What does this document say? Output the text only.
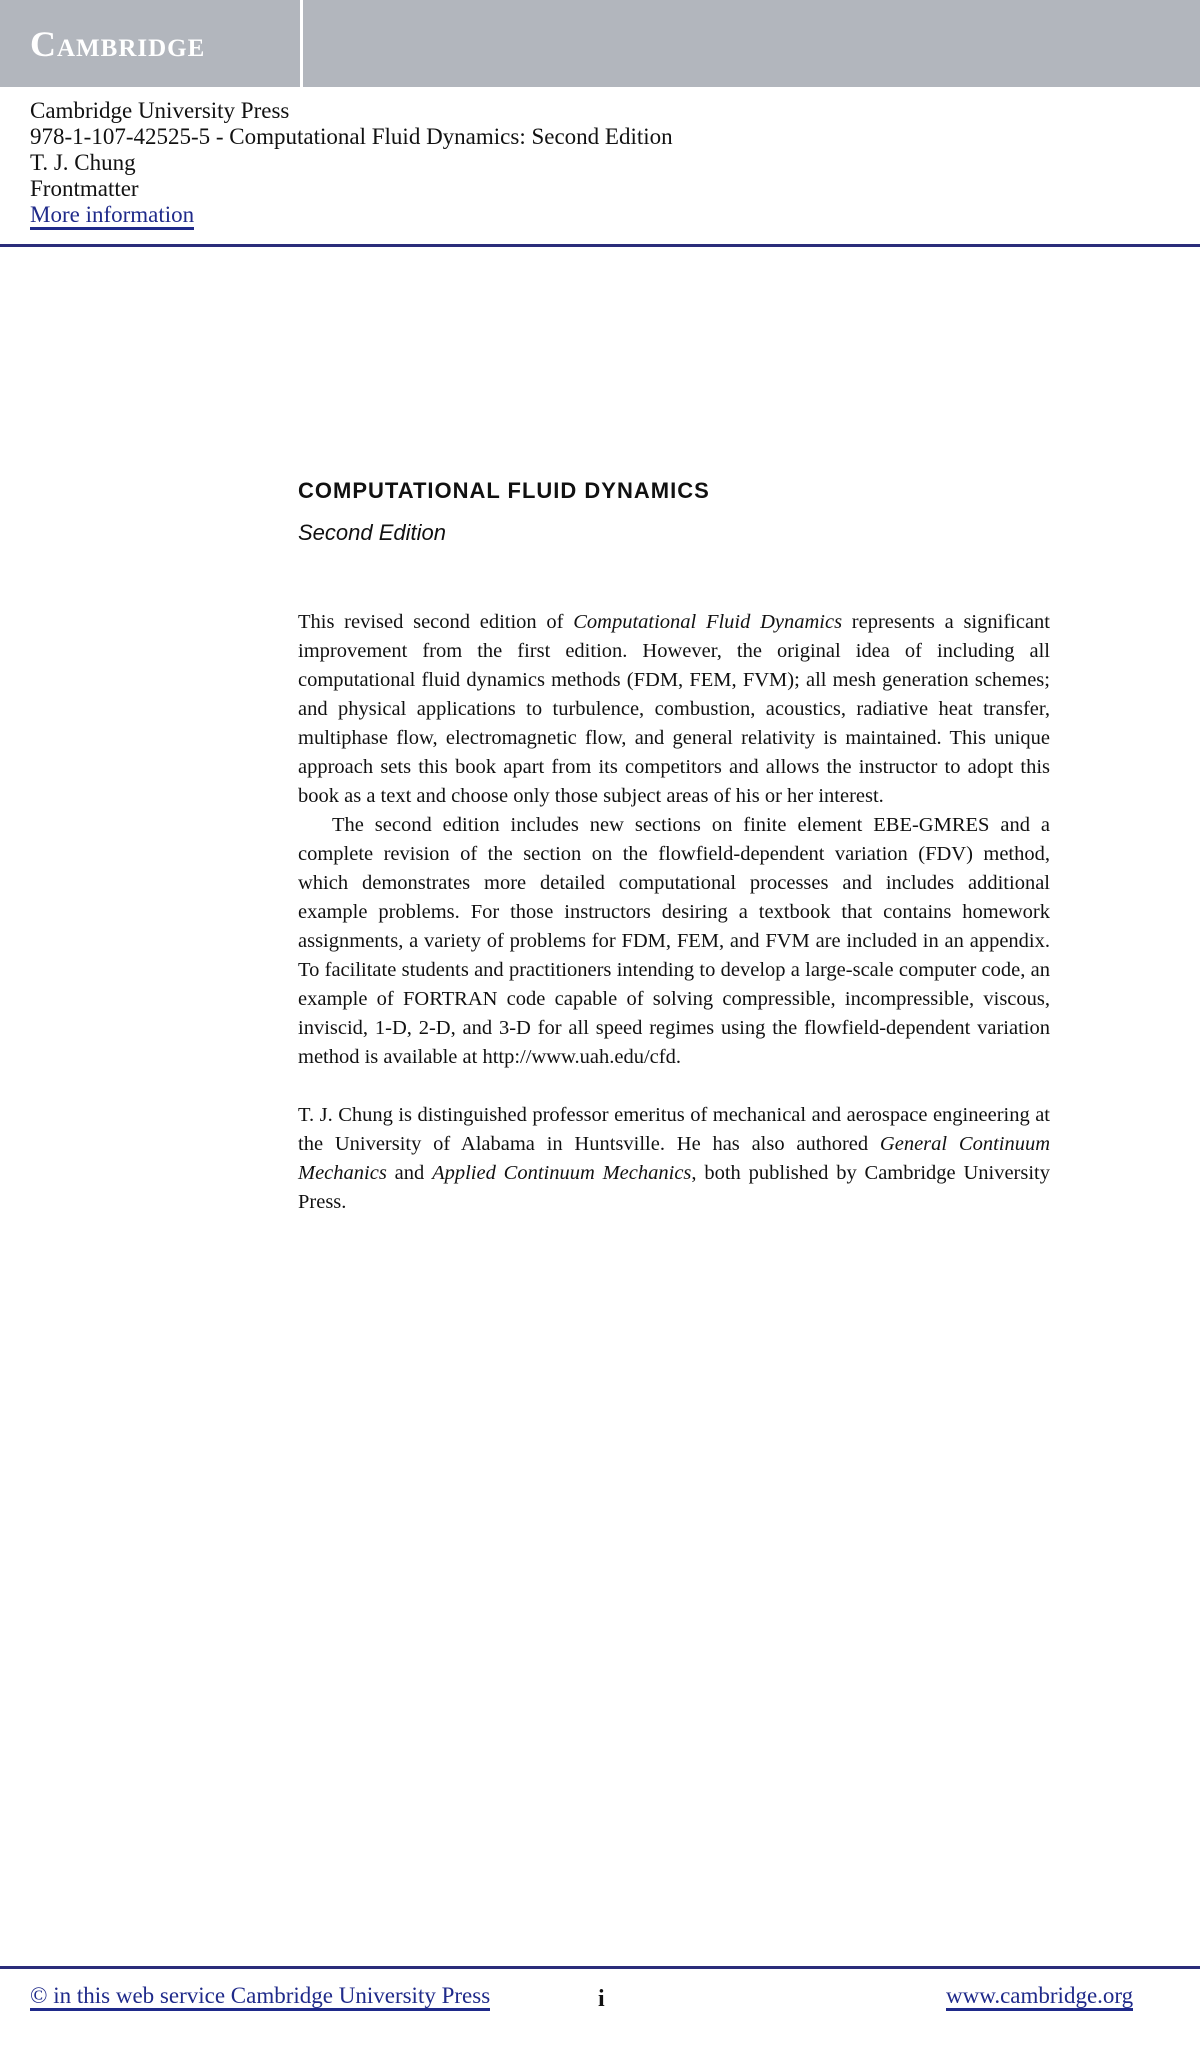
Cambridge
Cambridge University Press
978-1-107-42525-5 - Computational Fluid Dynamics: Second Edition
T. J. Chung
Frontmatter
More information
COMPUTATIONAL FLUID DYNAMICS
Second Edition

This revised second edition of Computational Fluid Dynamics represents a significant improvement from the first edition. However, the original idea of including all computational fluid dynamics methods (FDM, FEM, FVM); all mesh generation schemes; and physical applications to turbulence, combustion, acoustics, radiative heat transfer, multiphase flow, electromagnetic flow, and general relativity is maintained. This unique approach sets this book apart from its competitors and allows the instructor to adopt this book as a text and choose only those subject areas of his or her interest.

The second edition includes new sections on finite element EBE-GMRES and a complete revision of the section on the flowfield-dependent variation (FDV) method, which demonstrates more detailed computational processes and includes additional example problems. For those instructors desiring a textbook that contains homework assignments, a variety of problems for FDM, FEM, and FVM are included in an appendix. To facilitate students and practitioners intending to develop a large-scale computer code, an example of FORTRAN code capable of solving compressible, incompressible, viscous, inviscid, 1-D, 2-D, and 3-D for all speed regimes using the flowfield-dependent variation method is available at http://www.uah.edu/cfd.

T. J. Chung is distinguished professor emeritus of mechanical and aerospace engineering at the University of Alabama in Huntsville. He has also authored General Continuum Mechanics and Applied Continuum Mechanics, both published by Cambridge University Press.

© in this web service Cambridge University Press	i	www.cambridge.org
